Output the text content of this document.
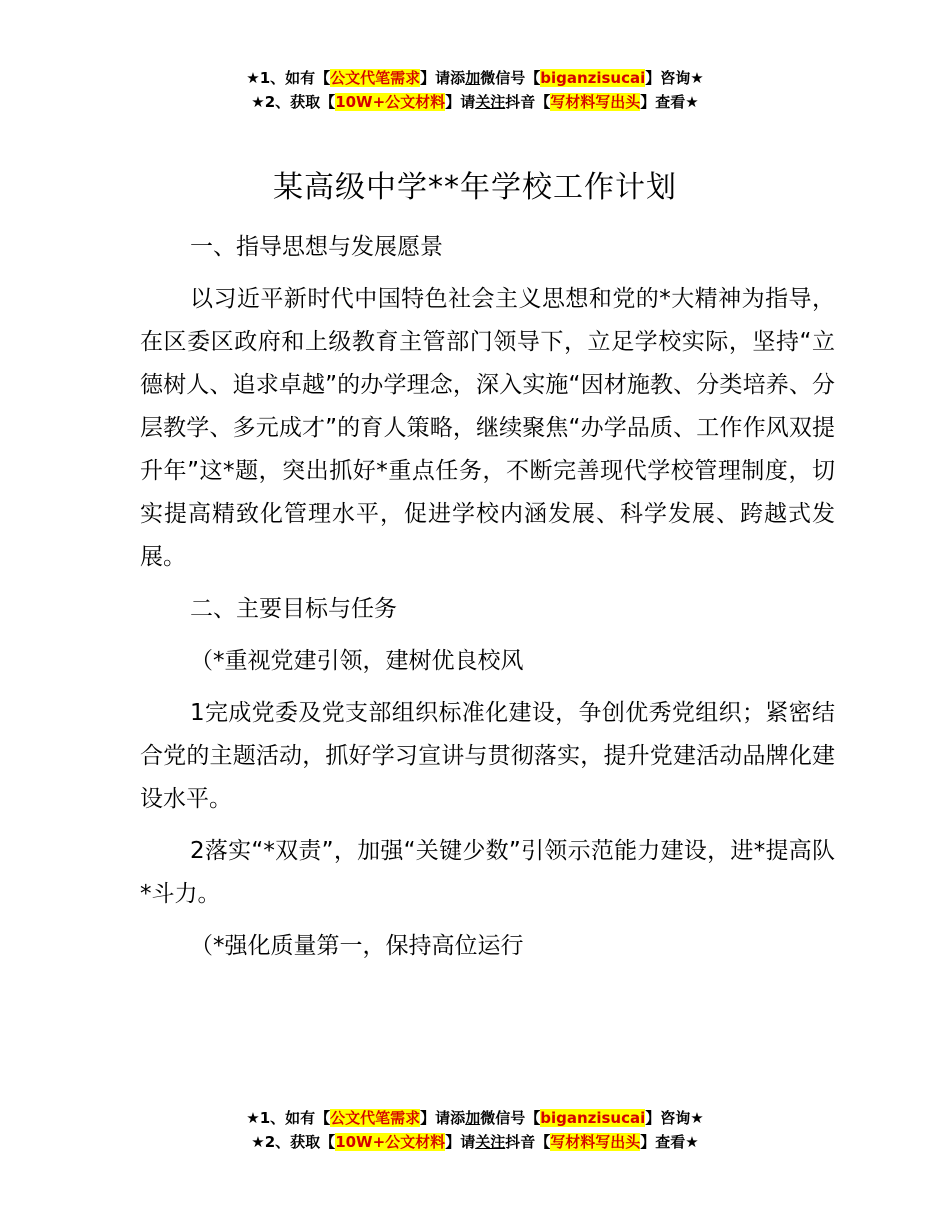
★1、如有【公文代笔需求】请添加微信号【biganzisucai】咨询★
★2、获取【10W+公文材料】请关注抖音【写材料写出头】查看★
某高级中学**年学校工作计划

一、指导思想与发展愿景

以习近平新时代中国特色社会主义思想和党的*大精神为指导，在区委区政府和上级教育主管部门领导下，立足学校实际，坚持“立德树人、追求卓越”的办学理念，深入实施“因材施教、分类培养、分层教学、多元成才”的育人策略，继续聚焦“办学品质、工作作风双提升年”这*题，突出抓好*重点任务，不断完善现代学校管理制度，切实提高精致化管理水平，促进学校内涵发展、科学发展、跨越式发展。

二、主要目标与任务

（*重视党建引领，建树优良校风

1完成党委及党支部组织标准化建设，争创优秀党组织；紧密结合党的主题活动，抓好学习宣讲与贯彻落实，提升党建活动品牌化建设水平。

2落实“*双责”，加强“关键少数”引领示范能力建设，进*提高队*斗力。

（*强化质量第一，保持高位运行

★1、如有【公文代笔需求】请添加微信号【biganzisucai】咨询★
★2、获取【10W+公文材料】请关注抖音【写材料写出头】查看★
